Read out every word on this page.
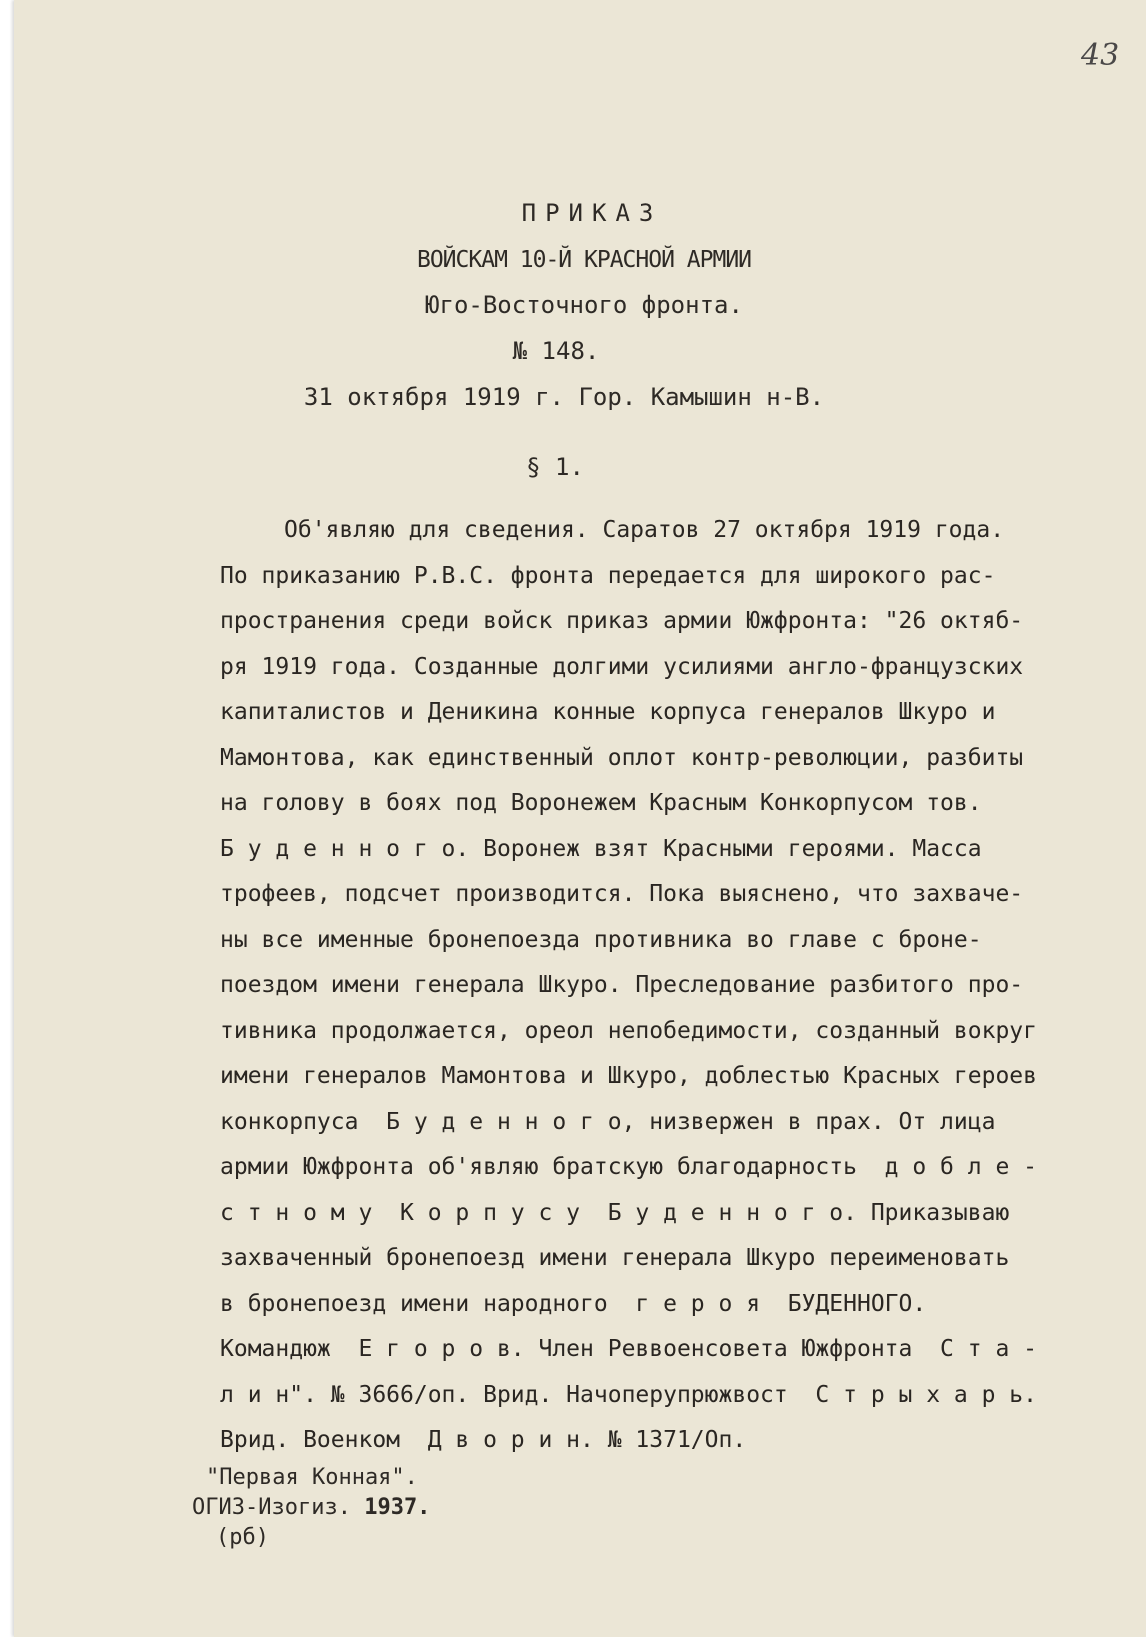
43
ПРИКАЗ
ВОЙСКАМ 10-Й КРАСНОЙ АРМИИ
Юго-Восточного фронта.
№ 148.
31 октября 1919 г. Гор. Камышин н-В.
§ 1.
Об'являю для сведения. Саратов 27 октября 1919 года.
По приказанию Р.В.С. фронта передается для широкого рас-
пространения среди войск приказ армии Южфронта: "26 октяб-
ря 1919 года. Созданные долгими усилиями англо-французских
капиталистов и Деникина конные корпуса генералов Шкуро и
Мамонтова, как единственный оплот контр-революции, разбиты
на голову в боях под Воронежем Красным Конкорпусом тов.
Б у д е н н о г о. Воронеж взят Красными героями. Масса
трофеев, подсчет производится. Пока выяснено, что захваче-
ны все именные бронепоезда противника во главе с броне-
поездом имени генерала Шкуро. Преследование разбитого про-
тивника продолжается, ореол непобедимости, созданный вокруг
имени генералов Мамонтова и Шкуро, доблестью Красных героев
конкорпуса  Б у д е н н о г о, низвержен в прах. От лица
армии Южфронта об'являю братскую благодарность  д о б л е -
с т н о м у  К о р п у с у  Б у д е н н о г о. Приказываю
захваченный бронепоезд имени генерала Шкуро переименовать
в бронепоезд имени народного  г е р о я  БУДЕННОГО.
Командюж  Е г о р о в. Член Реввоенсовета Южфронта  С т а -
л и н". № 3666/оп. Врид. Начоперупрюжвост  С т р ы х а р ь.
Врид. Военком  Д в о р и н. № 1371/Оп.
"Первая Конная".
ОГИЗ-Изогиз. 1937.
(рб)
